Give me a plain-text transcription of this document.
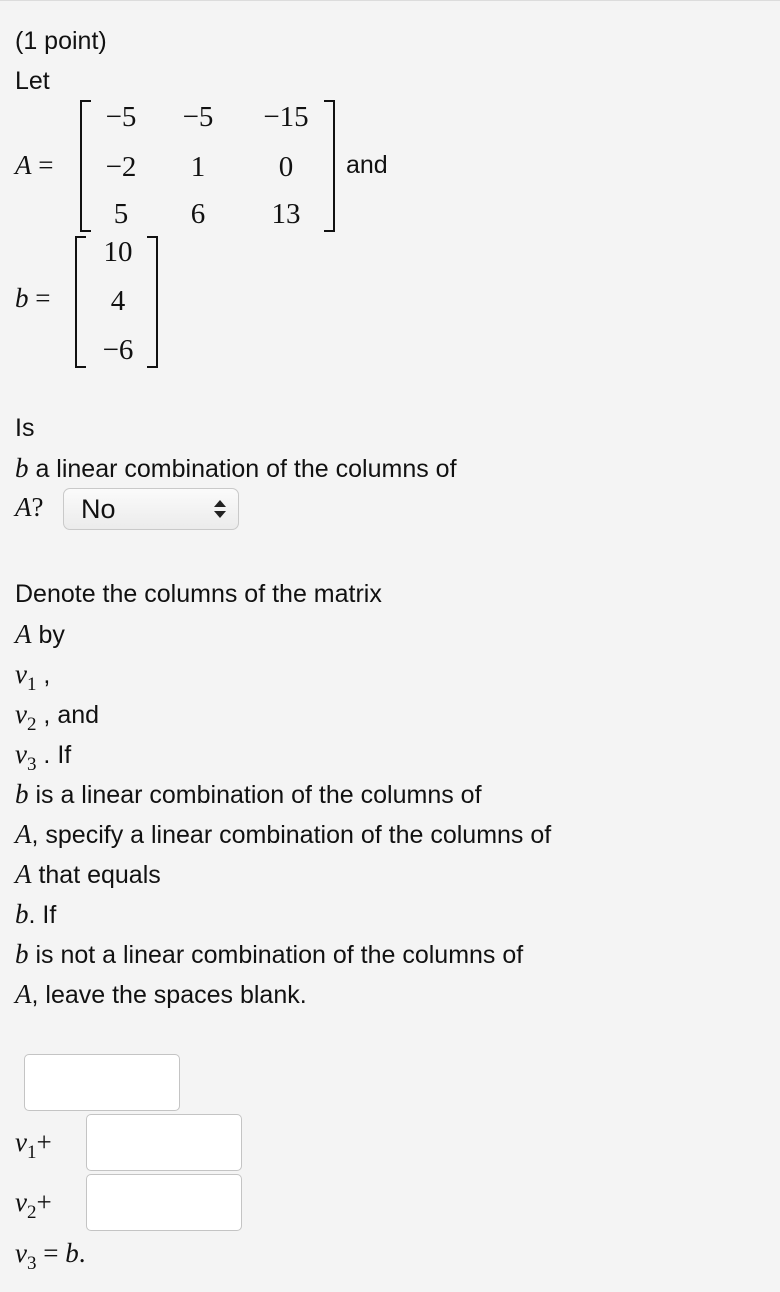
(1 point)
Let
A =
−5	−5	−15
−2	1	0
5	6	13
and
b =
10
4
−6
Is
b a linear combination of the columns of
A?	No
Denote the columns of the matrix
A by
$v_1$ ,
$v_2$ , and
$v_3$ . If
b is a linear combination of the columns of
A, specify a linear combination of the columns of
A that equals
b. If
b is not a linear combination of the columns of
A, leave the spaces blank.
$v_1+$
$v_2+$
$v_3 = b$.
